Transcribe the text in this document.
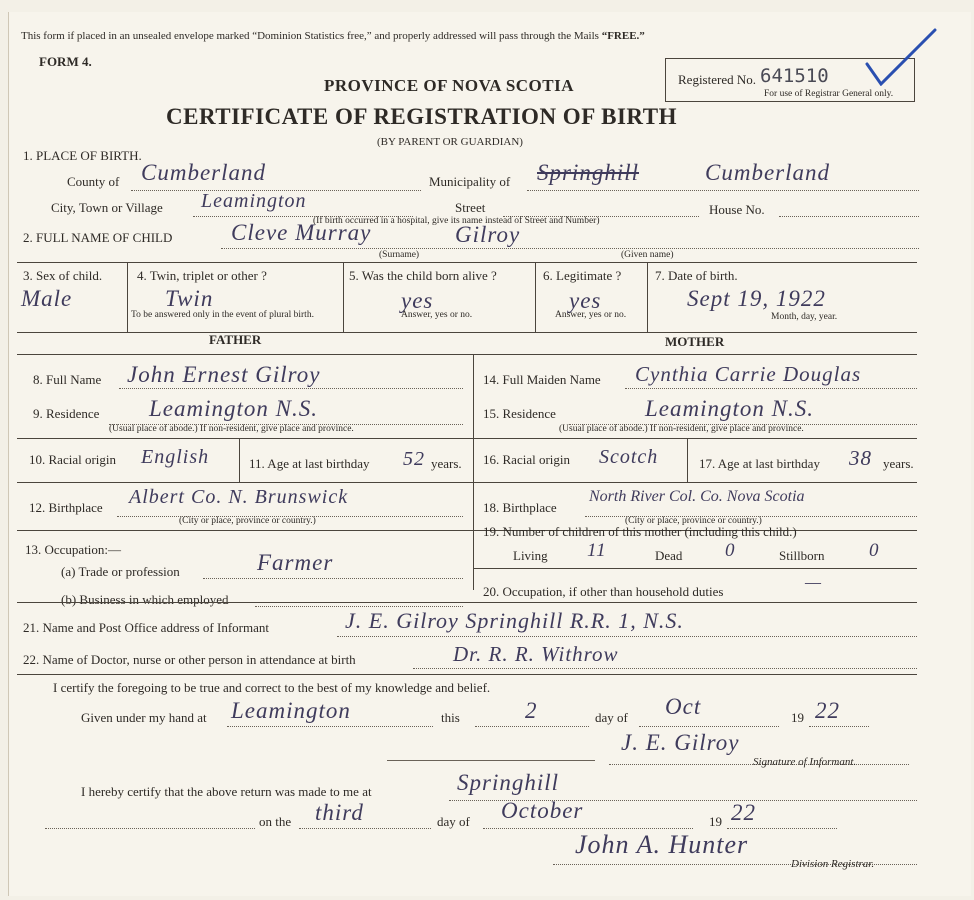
This form if placed in an unsealed envelope marked “Dominion Statistics free,” and properly addressed will pass through the Mails “FREE.”
FORM 4.
PROVINCE OF NOVA SCOTIA
CERTIFICATE OF REGISTRATION OF BIRTH
(BY PARENT OR GUARDIAN)
Registered No. 641510
For use of Registrar General only.
1. PLACE OF BIRTH.
County of Cumberland	Municipality of Springhill	Cumberland
City, Town or Village Leamington	Street	House No.
(If birth occurred in a hospital, give its name instead of Street and Number)
2. FULL NAME OF CHILD	Cleve Murray	Gilroy
(Surname)	(Given name)
3. Sex of child.
Male
4. Twin, triplet or other ?
Twin
To be answered only in the event of plural birth.
5. Was the child born alive ?
yes
Answer, yes or no.
6. Legitimate ?
yes
Answer, yes or no.
7. Date of birth.
Sept 19, 1922
Month, day, year.
FATHER	MOTHER
8. Full Name John Ernest Gilroy
9. Residence Leamington N.S.
(Usual place of abode.) If non-resident, give place and province.
10. Racial origin English	11. Age at last birthday 52 years.
12. Birthplace Albert Co. N. Brunswick
(City or place, province or country.)
13. Occupation:—
(a) Trade or profession	Farmer
(b) Business in which employed
14. Full Maiden Name Cynthia Carrie Douglas
15. Residence	Leamington N.S.
(Usual place of abode.) If non-resident, give place and province.
16. Racial origin Scotch	17. Age at last birthday 38 years.
18. Birthplace
North River Col. Co. Nova Scotia
(City or place, province or country.)
19. Number of children of this mother (including this child.)
Living 11	Dead 0	Stillborn 0
20. Occupation, if other than household duties	—
21. Name and Post Office address of Informant	J. E. Gilroy Springhill R.R. 1, N.S.
22. Name of Doctor, nurse or other person in attendance at birth	Dr. R. R. Withrow
I certify the foregoing to be true and correct to the best of my knowledge and belief.
Given under my hand at Leamington	this	2	day of Oct	19 22
J. E. Gilroy
Signature of Informant.
I hereby certify that the above return was made to me at	Springhill
on the third	day of October	19 22
John A. Hunter
Division Registrar.
